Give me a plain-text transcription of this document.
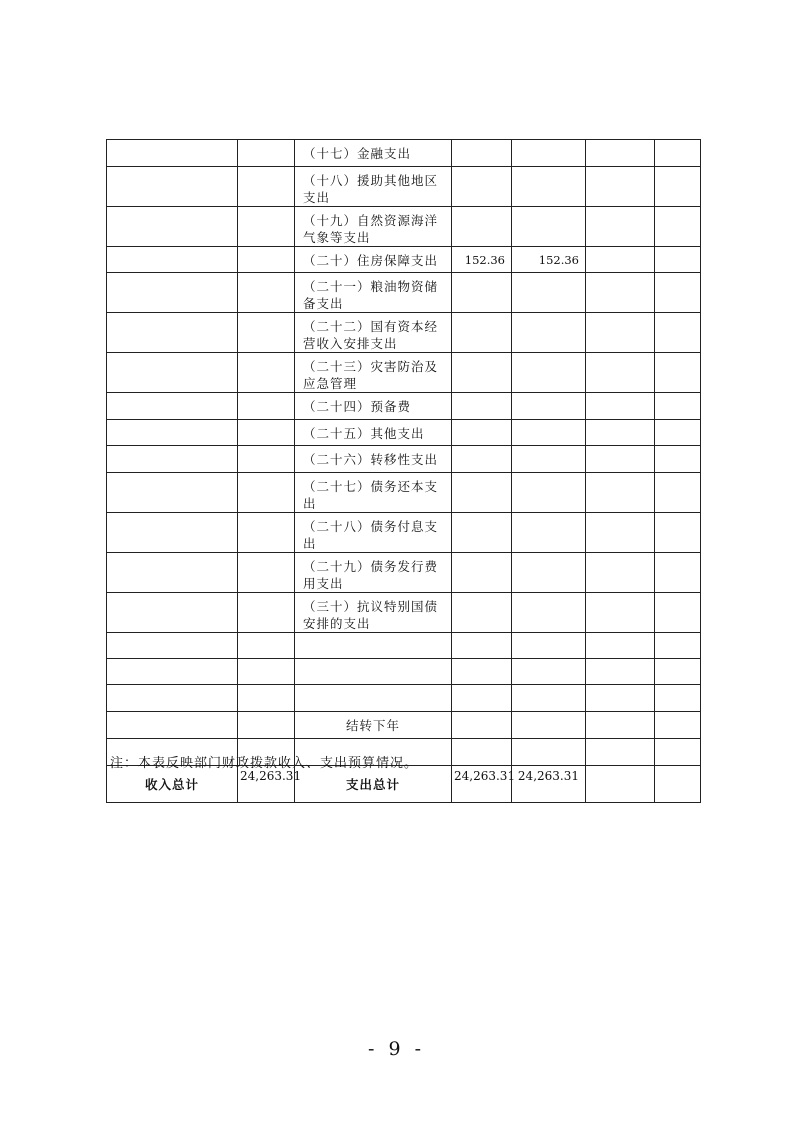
		（十七）金融支出				
		（十八）援助其他地区支出				
		（十九）自然资源海洋气象等支出				
		（二十）住房保障支出	152.36	152.36		
		（二十一）粮油物资储备支出				
		（二十二）国有资本经营收入安排支出				
		（二十三）灾害防治及应急管理				
		（二十四）预备费				
		（二十五）其他支出				
		（二十六）转移性支出				
		（二十七）债务还本支出				
		（二十八）债务付息支出				
		（二十九）债务发行费用支出				
		（三十）抗议特别国债安排的支出				

		结转下年				

收入总计	24,263.31	支出总计	24,263.31	24,263.31		
注：本表反映部门财政拨款收入、支出预算情况。
- 9 -
